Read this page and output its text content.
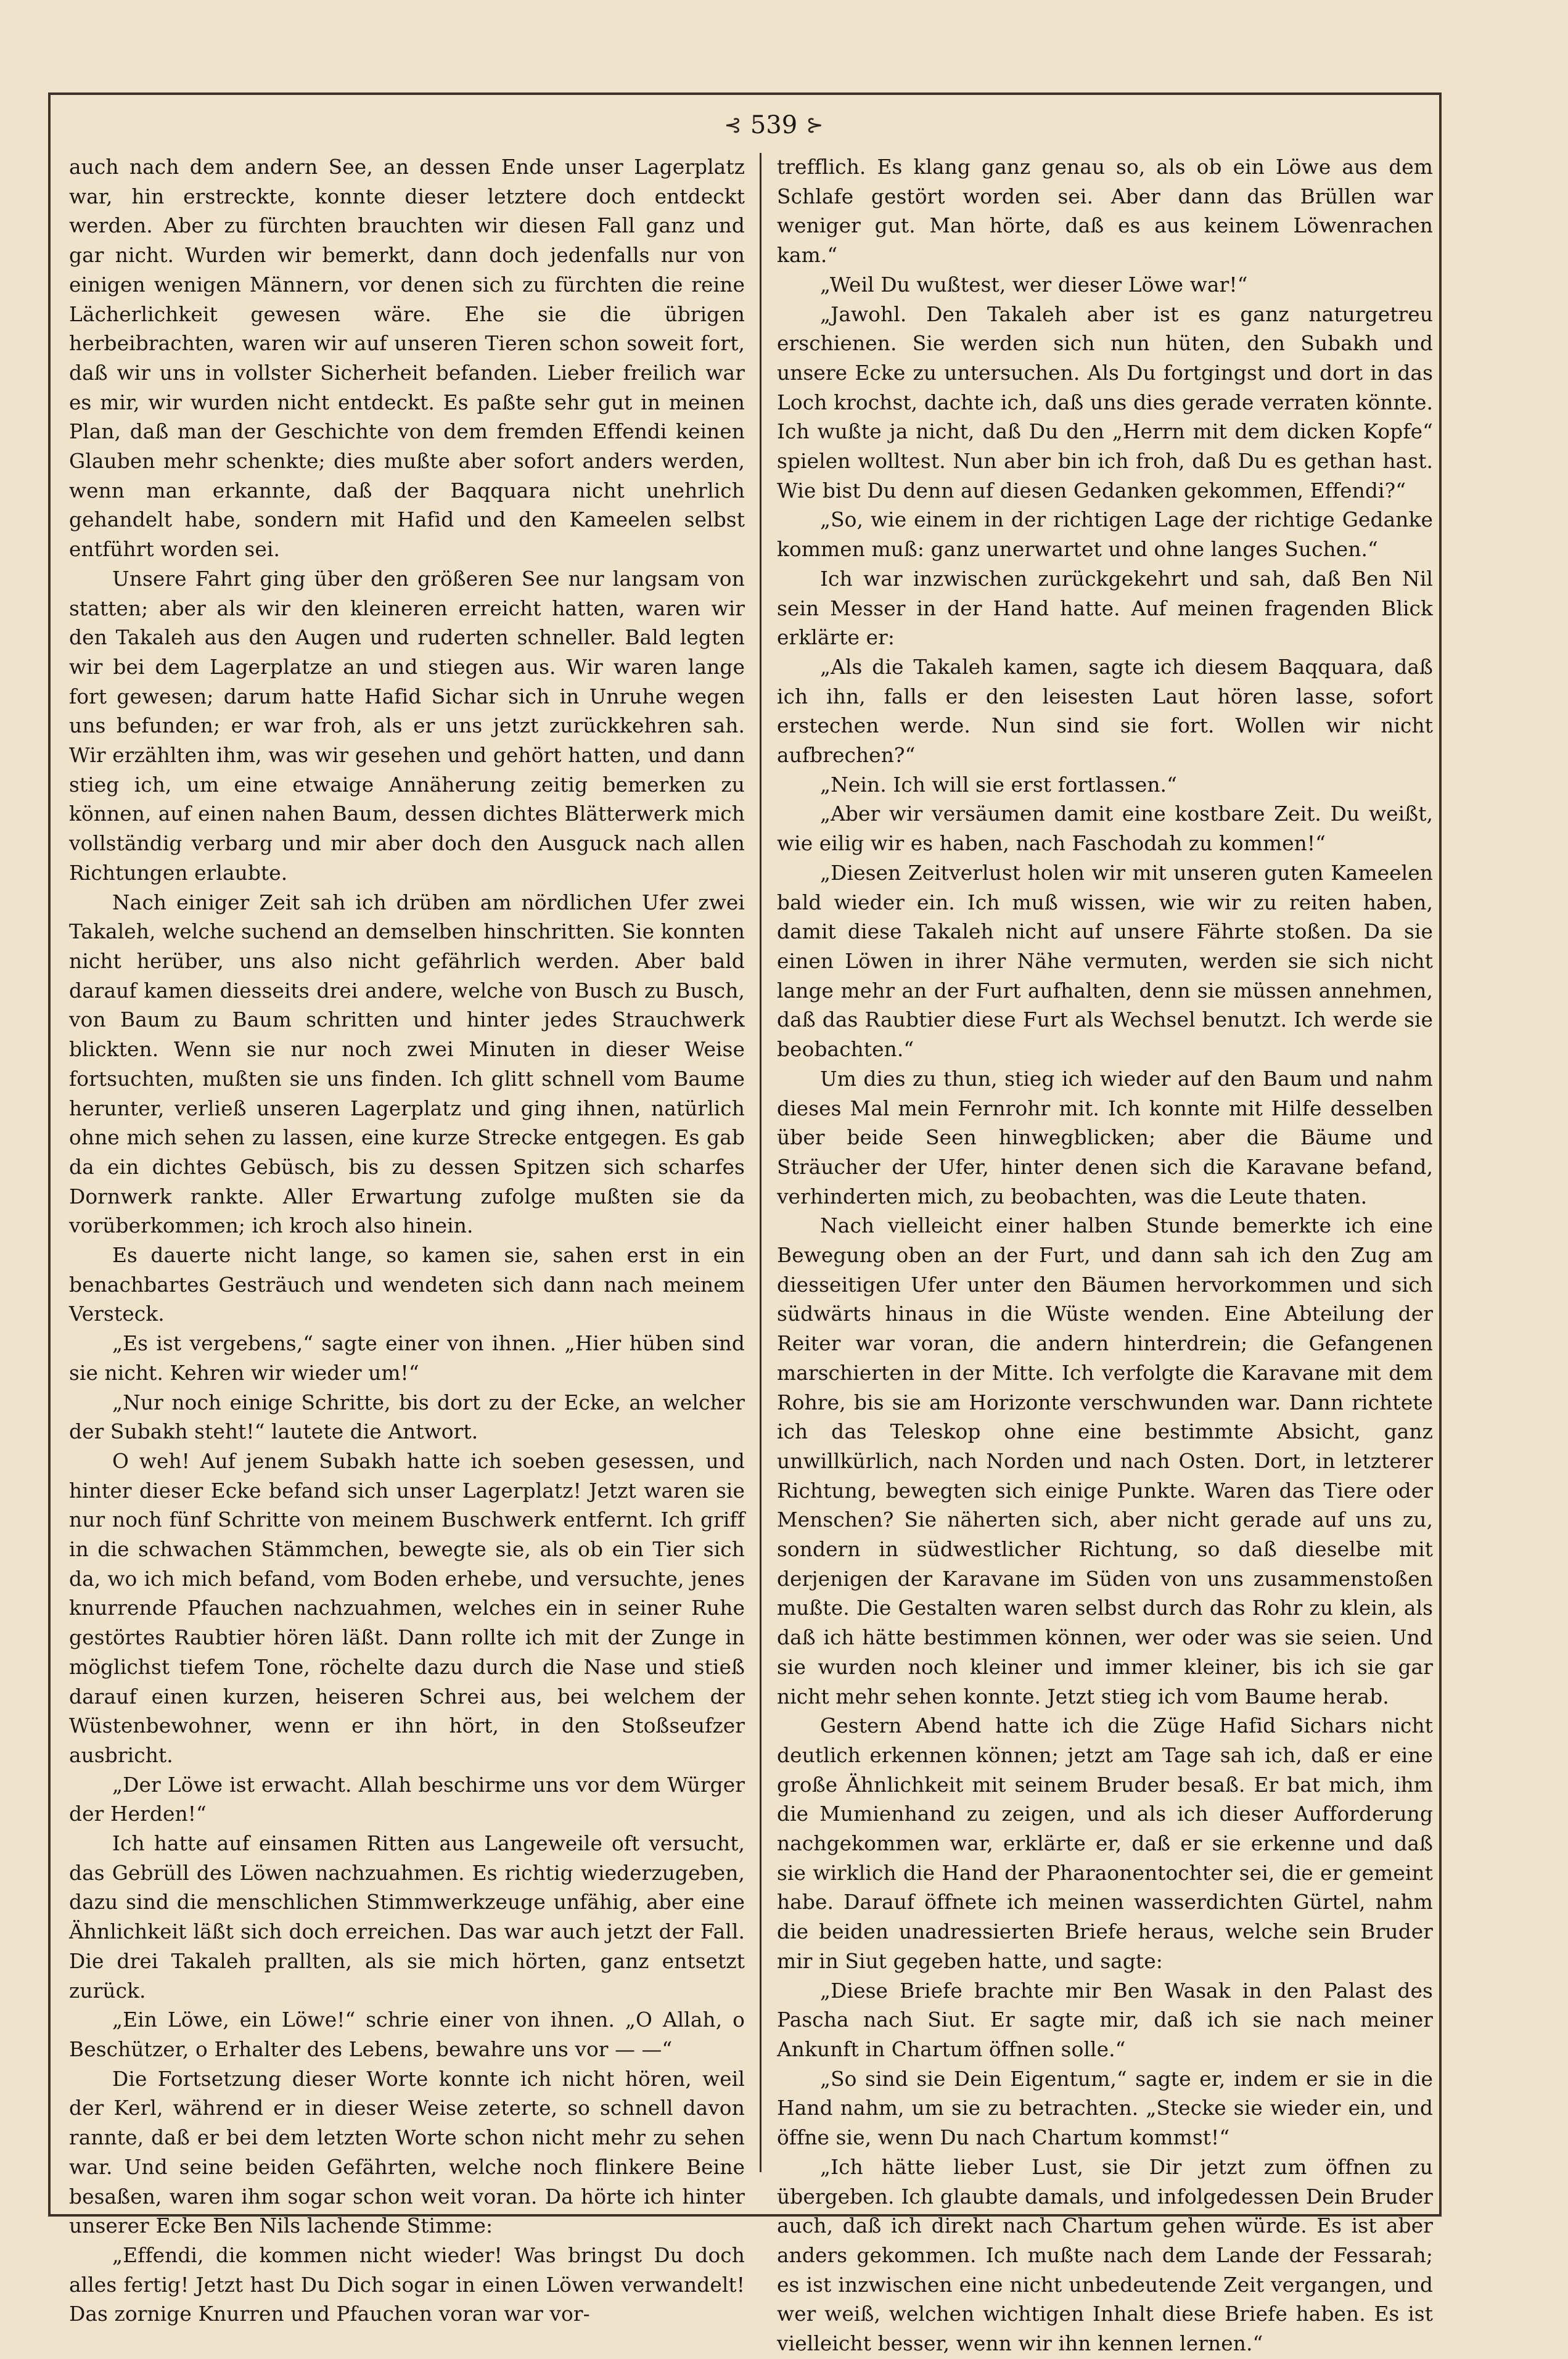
⊰ 539 ⊱

auch nach dem andern See, an dessen Ende unser Lagerplatz war, hin erstreckte, konnte dieser letztere doch entdeckt werden. Aber zu fürchten brauchten wir diesen Fall ganz und gar nicht. Wurden wir bemerkt, dann doch jedenfalls nur von einigen wenigen Männern, vor denen sich zu fürchten die reine Lächerlichkeit gewesen wäre. Ehe sie die übrigen herbeibrachten, waren wir auf unseren Tieren schon soweit fort, daß wir uns in vollster Sicherheit befanden. Lieber freilich war es mir, wir wurden nicht entdeckt. Es paßte sehr gut in meinen Plan, daß man der Geschichte von dem fremden Effendi keinen Glauben mehr schenkte; dies mußte aber sofort anders werden, wenn man erkannte, daß der Baqquara nicht unehrlich gehandelt habe, sondern mit Hafid und den Kameelen selbst entführt worden sei.

Unsere Fahrt ging über den größeren See nur langsam von statten; aber als wir den kleineren erreicht hatten, waren wir den Takaleh aus den Augen und ruderten schneller. Bald legten wir bei dem Lagerplatze an und stiegen aus. Wir waren lange fort gewesen; darum hatte Hafid Sichar sich in Unruhe wegen uns befunden; er war froh, als er uns jetzt zurückkehren sah. Wir erzählten ihm, was wir gesehen und gehört hatten, und dann stieg ich, um eine etwaige Annäherung zeitig bemerken zu können, auf einen nahen Baum, dessen dichtes Blätterwerk mich vollständig verbarg und mir aber doch den Ausguck nach allen Richtungen erlaubte.

Nach einiger Zeit sah ich drüben am nördlichen Ufer zwei Takaleh, welche suchend an demselben hinschritten. Sie konnten nicht herüber, uns also nicht gefährlich werden. Aber bald darauf kamen diesseits drei andere, welche von Busch zu Busch, von Baum zu Baum schritten und hinter jedes Strauchwerk blickten. Wenn sie nur noch zwei Minuten in dieser Weise fortsuchten, mußten sie uns finden. Ich glitt schnell vom Baume herunter, verließ unseren Lagerplatz und ging ihnen, natürlich ohne mich sehen zu lassen, eine kurze Strecke entgegen. Es gab da ein dichtes Gebüsch, bis zu dessen Spitzen sich scharfes Dornwerk rankte. Aller Erwartung zufolge mußten sie da vorüberkommen; ich kroch also hinein.

Es dauerte nicht lange, so kamen sie, sahen erst in ein benachbartes Gesträuch und wendeten sich dann nach meinem Versteck.

„Es ist vergebens,“ sagte einer von ihnen. „Hier hüben sind sie nicht. Kehren wir wieder um!“

„Nur noch einige Schritte, bis dort zu der Ecke, an welcher der Subakh steht!“ lautete die Antwort.

O weh! Auf jenem Subakh hatte ich soeben gesessen, und hinter dieser Ecke befand sich unser Lagerplatz! Jetzt waren sie nur noch fünf Schritte von meinem Buschwerk entfernt. Ich griff in die schwachen Stämmchen, bewegte sie, als ob ein Tier sich da, wo ich mich befand, vom Boden erhebe, und versuchte, jenes knurrende Pfauchen nachzuahmen, welches ein in seiner Ruhe gestörtes Raubtier hören läßt. Dann rollte ich mit der Zunge in möglichst tiefem Tone, röchelte dazu durch die Nase und stieß darauf einen kurzen, heiseren Schrei aus, bei welchem der Wüstenbewohner, wenn er ihn hört, in den Stoßseufzer ausbricht.

„Der Löwe ist erwacht. Allah beschirme uns vor dem Würger der Herden!“

Ich hatte auf einsamen Ritten aus Langeweile oft versucht, das Gebrüll des Löwen nachzuahmen. Es richtig wiederzugeben, dazu sind die menschlichen Stimmwerkzeuge unfähig, aber eine Ähnlichkeit läßt sich doch erreichen. Das war auch jetzt der Fall. Die drei Takaleh prallten, als sie mich hörten, ganz entsetzt zurück.

„Ein Löwe, ein Löwe!“ schrie einer von ihnen. „O Allah, o Beschützer, o Erhalter des Lebens, bewahre uns vor — —“

Die Fortsetzung dieser Worte konnte ich nicht hören, weil der Kerl, während er in dieser Weise zeterte, so schnell davon rannte, daß er bei dem letzten Worte schon nicht mehr zu sehen war. Und seine beiden Gefährten, welche noch flinkere Beine besaßen, waren ihm sogar schon weit voran. Da hörte ich hinter unserer Ecke Ben Nils lachende Stimme:

„Effendi, die kommen nicht wieder! Was bringst Du doch alles fertig! Jetzt hast Du Dich sogar in einen Löwen verwandelt! Das zornige Knurren und Pfauchen voran war vor-

trefflich. Es klang ganz genau so, als ob ein Löwe aus dem Schlafe gestört worden sei. Aber dann das Brüllen war weniger gut. Man hörte, daß es aus keinem Löwenrachen kam.“

„Weil Du wußtest, wer dieser Löwe war!“

„Jawohl. Den Takaleh aber ist es ganz naturgetreu erschienen. Sie werden sich nun hüten, den Subakh und unsere Ecke zu untersuchen. Als Du fortgingst und dort in das Loch krochst, dachte ich, daß uns dies gerade verraten könnte. Ich wußte ja nicht, daß Du den „Herrn mit dem dicken Kopfe“ spielen wolltest. Nun aber bin ich froh, daß Du es gethan hast. Wie bist Du denn auf diesen Gedanken gekommen, Effendi?“

„So, wie einem in der richtigen Lage der richtige Gedanke kommen muß: ganz unerwartet und ohne langes Suchen.“

Ich war inzwischen zurückgekehrt und sah, daß Ben Nil sein Messer in der Hand hatte. Auf meinen fragenden Blick erklärte er:

„Als die Takaleh kamen, sagte ich diesem Baqquara, daß ich ihn, falls er den leisesten Laut hören lasse, sofort erstechen werde. Nun sind sie fort. Wollen wir nicht aufbrechen?“

„Nein. Ich will sie erst fortlassen.“

„Aber wir versäumen damit eine kostbare Zeit. Du weißt, wie eilig wir es haben, nach Faschodah zu kommen!“

„Diesen Zeitverlust holen wir mit unseren guten Kameelen bald wieder ein. Ich muß wissen, wie wir zu reiten haben, damit diese Takaleh nicht auf unsere Fährte stoßen. Da sie einen Löwen in ihrer Nähe vermuten, werden sie sich nicht lange mehr an der Furt aufhalten, denn sie müssen annehmen, daß das Raubtier diese Furt als Wechsel benutzt. Ich werde sie beobachten.“

Um dies zu thun, stieg ich wieder auf den Baum und nahm dieses Mal mein Fernrohr mit. Ich konnte mit Hilfe desselben über beide Seen hinwegblicken; aber die Bäume und Sträucher der Ufer, hinter denen sich die Karavane befand, verhinderten mich, zu beobachten, was die Leute thaten.

Nach vielleicht einer halben Stunde bemerkte ich eine Bewegung oben an der Furt, und dann sah ich den Zug am diesseitigen Ufer unter den Bäumen hervorkommen und sich südwärts hinaus in die Wüste wenden. Eine Abteilung der Reiter war voran, die andern hinterdrein; die Gefangenen marschierten in der Mitte. Ich verfolgte die Karavane mit dem Rohre, bis sie am Horizonte verschwunden war. Dann richtete ich das Teleskop ohne eine bestimmte Absicht, ganz unwillkürlich, nach Norden und nach Osten. Dort, in letzterer Richtung, bewegten sich einige Punkte. Waren das Tiere oder Menschen? Sie näherten sich, aber nicht gerade auf uns zu, sondern in südwestlicher Richtung, so daß dieselbe mit derjenigen der Karavane im Süden von uns zusammenstoßen mußte. Die Gestalten waren selbst durch das Rohr zu klein, als daß ich hätte bestimmen können, wer oder was sie seien. Und sie wurden noch kleiner und immer kleiner, bis ich sie gar nicht mehr sehen konnte. Jetzt stieg ich vom Baume herab.

Gestern Abend hatte ich die Züge Hafid Sichars nicht deutlich erkennen können; jetzt am Tage sah ich, daß er eine große Ähnlichkeit mit seinem Bruder besaß. Er bat mich, ihm die Mumienhand zu zeigen, und als ich dieser Aufforderung nachgekommen war, erklärte er, daß er sie erkenne und daß sie wirklich die Hand der Pharaonentochter sei, die er gemeint habe. Darauf öffnete ich meinen wasserdichten Gürtel, nahm die beiden unadressierten Briefe heraus, welche sein Bruder mir in Siut gegeben hatte, und sagte:

„Diese Briefe brachte mir Ben Wasak in den Palast des Pascha nach Siut. Er sagte mir, daß ich sie nach meiner Ankunft in Chartum öffnen solle.“

„So sind sie Dein Eigentum,“ sagte er, indem er sie in die Hand nahm, um sie zu betrachten. „Stecke sie wieder ein, und öffne sie, wenn Du nach Chartum kommst!“

„Ich hätte lieber Lust, sie Dir jetzt zum öffnen zu übergeben. Ich glaubte damals, und infolgedessen Dein Bruder auch, daß ich direkt nach Chartum gehen würde. Es ist aber anders gekommen. Ich mußte nach dem Lande der Fessarah; es ist inzwischen eine nicht unbedeutende Zeit vergangen, und wer weiß, welchen wichtigen Inhalt diese Briefe haben. Es ist vielleicht besser, wenn wir ihn kennen lernen.“
